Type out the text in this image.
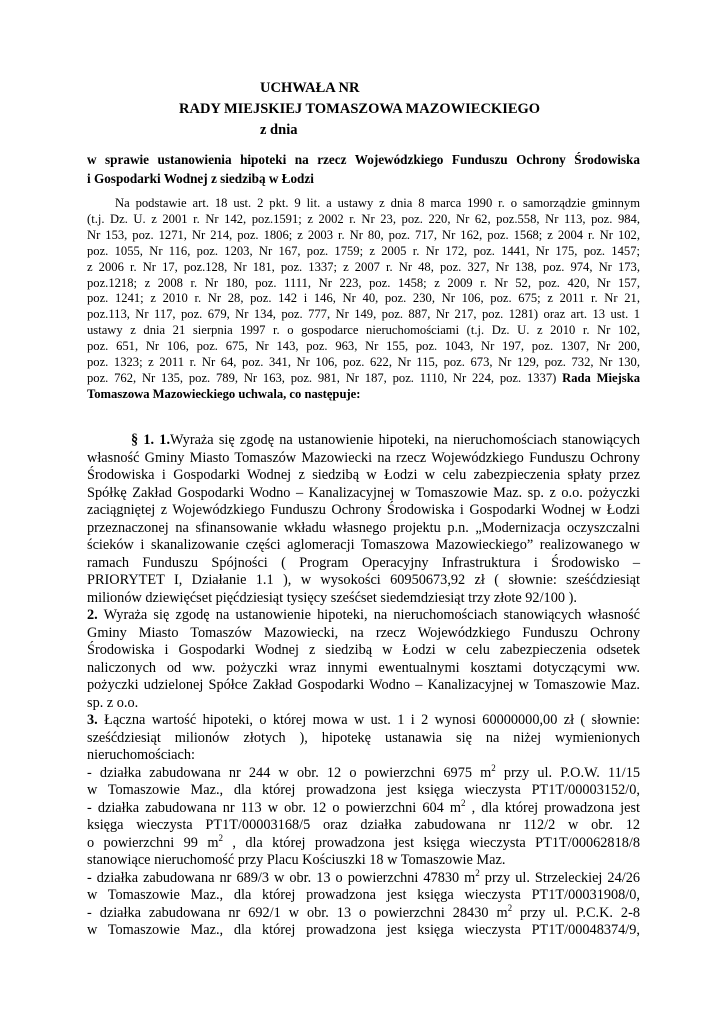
UCHWAŁA NR
RADY MIEJSKIEJ TOMASZOWA MAZOWIECKIEGO
z dnia
w sprawie ustanowienia hipoteki na rzecz Wojewódzkiego Funduszu Ochrony Środowiska
i Gospodarki Wodnej z siedzibą w Łodzi
Na podstawie art. 18 ust. 2 pkt. 9 lit. a ustawy z dnia 8 marca 1990 r. o samorządzie gminnym
(t.j. Dz. U. z 2001 r. Nr 142, poz.1591; z 2002 r. Nr 23, poz. 220, Nr 62, poz.558, Nr 113, poz. 984,
Nr 153, poz. 1271, Nr 214, poz. 1806; z 2003 r. Nr 80, poz. 717, Nr 162, poz. 1568; z 2004 r. Nr 102,
poz. 1055, Nr 116, poz. 1203, Nr 167, poz. 1759; z 2005 r. Nr 172, poz. 1441, Nr 175, poz. 1457;
z 2006 r. Nr 17, poz.128, Nr 181, poz. 1337; z 2007 r. Nr 48, poz. 327, Nr 138, poz. 974, Nr 173,
poz.1218; z 2008 r. Nr 180, poz. 1111, Nr 223, poz. 1458; z 2009 r. Nr 52, poz. 420, Nr 157,
poz. 1241; z 2010 r. Nr 28, poz. 142 i 146, Nr 40, poz. 230, Nr 106, poz. 675; z 2011 r. Nr 21,
poz.113, Nr 117, poz. 679, Nr 134, poz. 777, Nr 149, poz. 887, Nr 217, poz. 1281) oraz art. 13 ust. 1
ustawy z dnia 21 sierpnia 1997 r. o gospodarce nieruchomościami (t.j. Dz. U. z 2010 r. Nr 102,
poz. 651, Nr 106, poz. 675, Nr 143, poz. 963, Nr 155, poz. 1043, Nr 197, poz. 1307, Nr 200,
poz. 1323; z 2011 r. Nr 64, poz. 341, Nr 106, poz. 622, Nr 115, poz. 673, Nr 129, poz. 732, Nr 130,
poz. 762, Nr 135, poz. 789, Nr 163, poz. 981, Nr 187, poz. 1110, Nr 224, poz. 1337) Rada Miejska
Tomaszowa Mazowieckiego uchwala, co następuje:
§ 1. 1.Wyraża się zgodę na ustanowienie hipoteki, na nieruchomościach stanowiących
własność Gminy Miasto Tomaszów Mazowiecki na rzecz Wojewódzkiego Funduszu Ochrony
Środowiska i Gospodarki Wodnej z siedzibą w Łodzi w celu zabezpieczenia spłaty przez
Spółkę Zakład Gospodarki Wodno – Kanalizacyjnej w Tomaszowie Maz. sp. z o.o. pożyczki
zaciągniętej z Wojewódzkiego Funduszu Ochrony Środowiska i Gospodarki Wodnej w Łodzi
przeznaczonej na sfinansowanie wkładu własnego projektu p.n. „Modernizacja oczyszczalni
ścieków i skanalizowanie części aglomeracji Tomaszowa Mazowieckiego” realizowanego w
ramach Funduszu Spójności ( Program Operacyjny Infrastruktura i Środowisko –
PRIORYTET I, Działanie 1.1 ), w wysokości 60950673,92 zł ( słownie: sześćdziesiąt
milionów dziewięćset pięćdziesiąt tysięcy sześćset siedemdziesiąt trzy złote 92/100 ).
2. Wyraża się zgodę na ustanowienie hipoteki, na nieruchomościach stanowiących własność
Gminy Miasto Tomaszów Mazowiecki, na rzecz Wojewódzkiego Funduszu Ochrony
Środowiska i Gospodarki Wodnej z siedzibą w Łodzi w celu zabezpieczenia odsetek
naliczonych od ww. pożyczki wraz innymi ewentualnymi kosztami dotyczącymi ww.
pożyczki udzielonej Spółce Zakład Gospodarki Wodno – Kanalizacyjnej w Tomaszowie Maz.
sp. z o.o.
3. Łączna wartość hipoteki, o której mowa w ust. 1 i 2 wynosi 60000000,00 zł ( słownie:
sześćdziesiąt milionów złotych ), hipotekę ustanawia się na niżej wymienionych
nieruchomościach:
- działka zabudowana nr 244 w obr. 12 o powierzchni 6975 $m^2$ przy ul. P.O.W. 11/15
w Tomaszowie Maz., dla której prowadzona jest księga wieczysta PT1T/00003152/0,
- działka zabudowana nr 113 w obr. 12 o powierzchni 604 $m^2$ , dla której prowadzona jest
księga wieczysta PT1T/00003168/5 oraz działka zabudowana nr 112/2 w obr. 12
o powierzchni 99 $m^2$ , dla której prowadzona jest księga wieczysta PT1T/00062818/8
stanowiące nieruchomość przy Placu Kościuszki 18 w Tomaszowie Maz.
- działka zabudowana nr 689/3 w obr. 13 o powierzchni 47830 $m^2$ przy ul. Strzeleckiej 24/26
w Tomaszowie Maz., dla której prowadzona jest księga wieczysta PT1T/00031908/0,
- działka zabudowana nr 692/1 w obr. 13 o powierzchni 28430 $m^2$ przy ul. P.C.K. 2-8
w Tomaszowie Maz., dla której prowadzona jest księga wieczysta PT1T/00048374/9,
